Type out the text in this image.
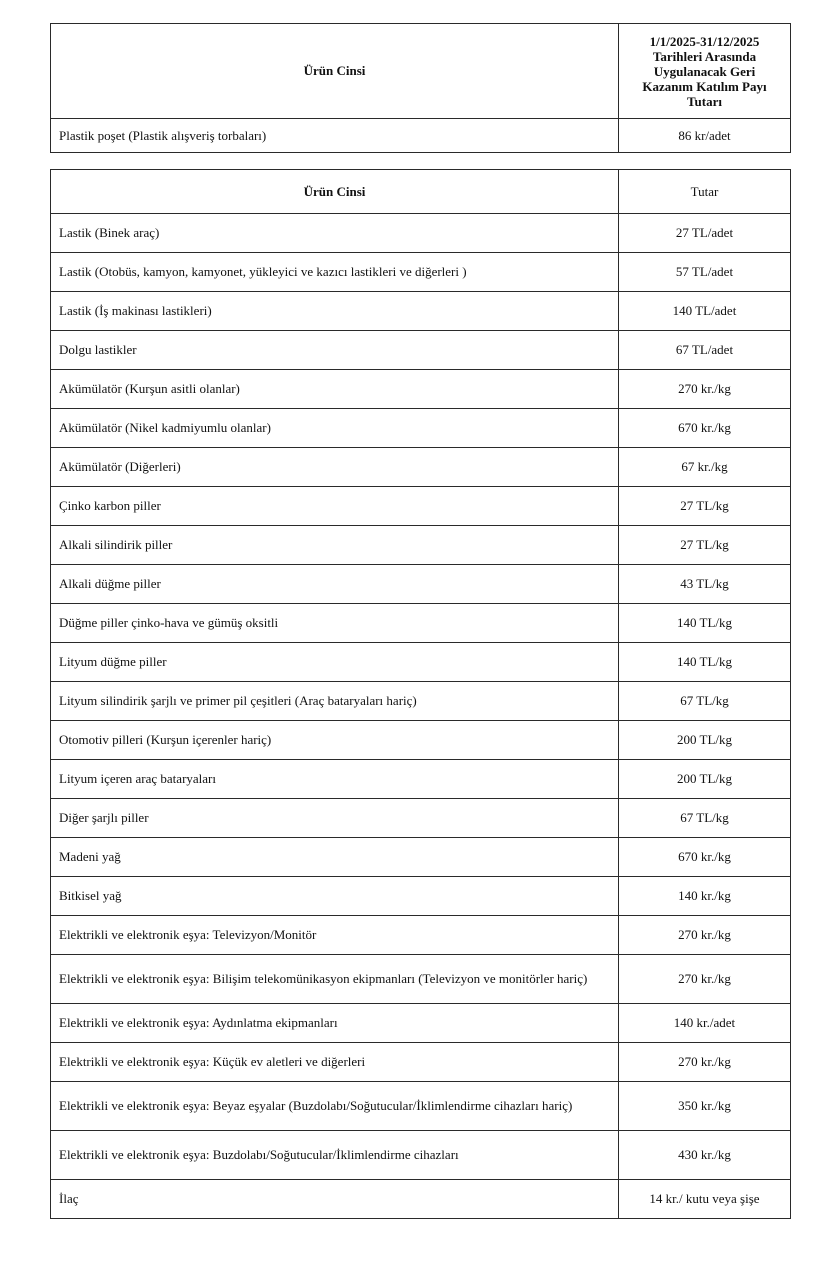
Ürün Cinsi	1/1/2025-31/12/2025
Tarihleri Arasında
Uygulanacak Geri
Kazanım Katılım Payı
Tutarı

Plastik poşet (Plastik alışveriş torbaları)	86 kr/adet
Ürün Cinsi	Tutar
Lastik (Binek araç)	27 TL/adet
Lastik (Otobüs, kamyon, kamyonet, yükleyici ve kazıcı lastikleri ve diğerleri )	57 TL/adet
Lastik (İş makinası lastikleri)	140 TL/adet
Dolgu lastikler	67 TL/adet
Akümülatör (Kurşun asitli olanlar)	270 kr./kg
Akümülatör (Nikel kadmiyumlu olanlar)	670 kr./kg
Akümülatör (Diğerleri)	67 kr./kg
Çinko karbon piller	27 TL/kg
Alkali silindirik piller	27 TL/kg
Alkali düğme piller	43 TL/kg
Düğme piller çinko-hava ve gümüş oksitli	140 TL/kg
Lityum düğme piller	140 TL/kg
Lityum silindirik şarjlı ve primer pil çeşitleri (Araç bataryaları hariç)	67 TL/kg
Otomotiv pilleri (Kurşun içerenler hariç)	200 TL/kg
Lityum içeren araç bataryaları	200 TL/kg
Diğer şarjlı piller	67 TL/kg
Madeni yağ	670 kr./kg
Bitkisel yağ	140 kr./kg
Elektrikli ve elektronik eşya: Televizyon/Monitör	270 kr./kg
Elektrikli ve elektronik eşya: Bilişim telekomünikasyon ekipmanları (Televizyon ve monitörler hariç)	270 kr./kg
Elektrikli ve elektronik eşya: Aydınlatma ekipmanları	140 kr./adet
Elektrikli ve elektronik eşya: Küçük ev aletleri ve diğerleri	270 kr./kg
Elektrikli ve elektronik eşya: Beyaz eşyalar (Buzdolabı/Soğutucular/İklimlendirme cihazları hariç)	350 kr./kg
Elektrikli ve elektronik eşya: Buzdolabı/Soğutucular/İklimlendirme cihazları	430 kr./kg
İlaç	14 kr./ kutu veya şişe
